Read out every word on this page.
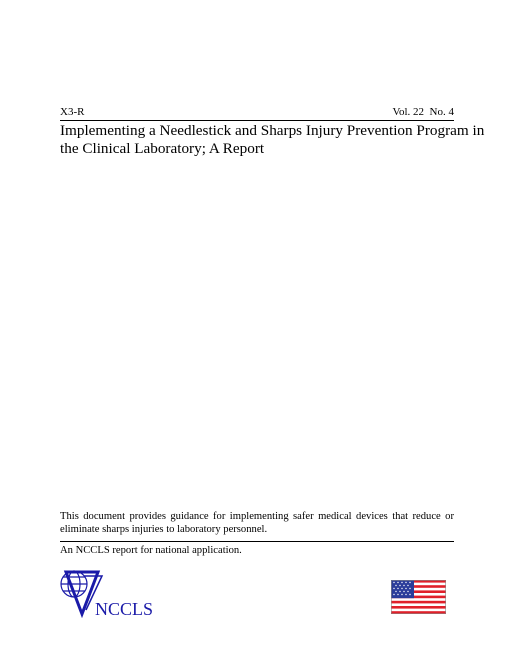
X3-R	Vol. 22  No. 4
Implementing a Needlestick and Sharps Injury Prevention Program in
the Clinical Laboratory; A Report
This document provides guidance for implementing safer medical devices that reduce or
eliminate sharps injuries to laboratory personnel.
An NCCLS report for national application.
NCCLS
